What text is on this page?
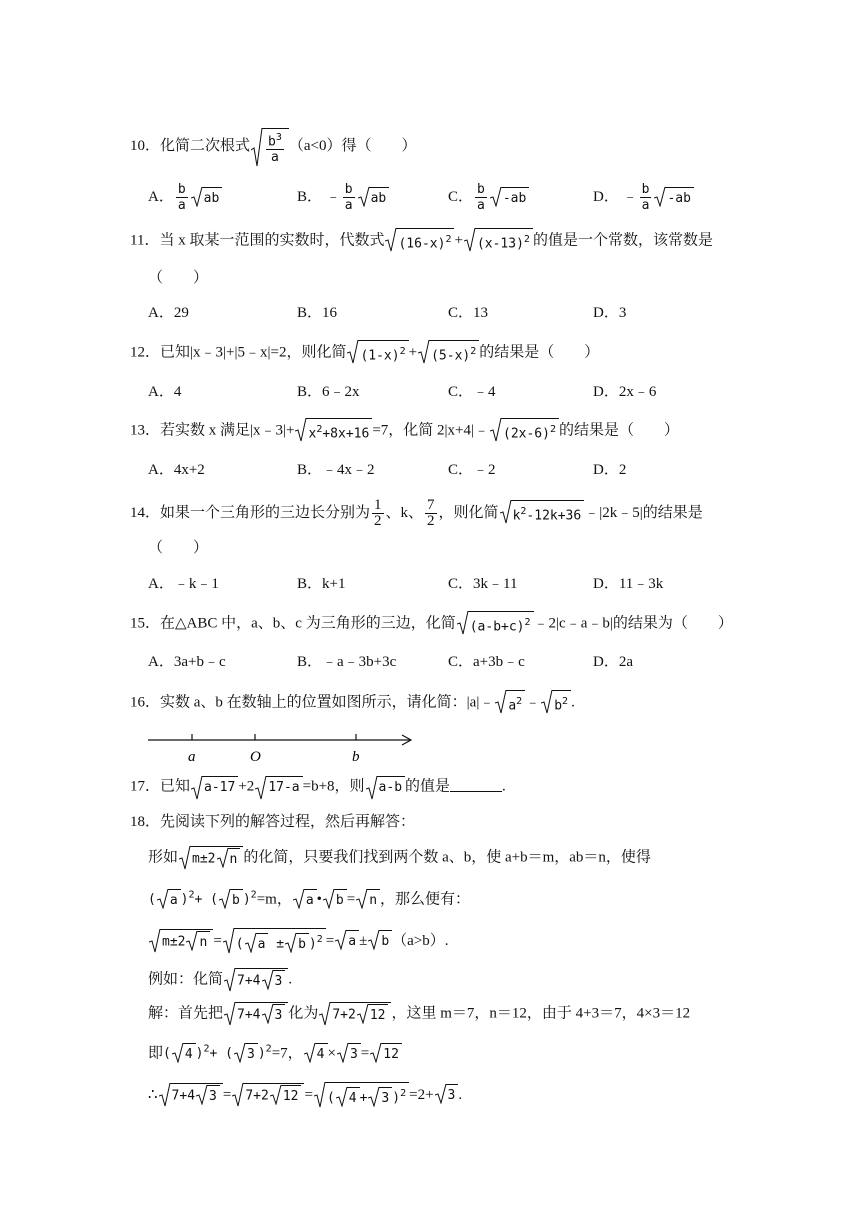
10．化简二次根式 $\frac{b^3}{a} (a<0)$得（　　）
A． $\frac{b}{a}$ ab	B． ﹣ $\frac{b}{a}$ ab	C． $\frac{b}{a} -ab$	D． ﹣ $\frac{b}{a} -ab$
11．当 x 取某一范围的实数时，代数式 $(16-x)^2 + (x-13)^2$ 的值是一个常数，该常数是
（　　）
A．29	B．16	C．13	D．3
12．已知|x﹣3|+|5﹣x|=2，则化简 $(1-x)^2 + (5-x)^2$ 的结果是（　　）
A．4	B．6﹣2x	C．﹣4	D．2x﹣6
13．若实数 x 满足|x﹣3|+ $x^2+8x+16 =7$，化简 2|x+4|﹣ $(2x-6)^2$ 的结果是（　　）
A．4x+2	B．﹣4x﹣2	C．﹣2	D．2
14．如果一个三角形的三边长分别为 $\frac{1}{2}$ 、k、 $\frac{7}{2}$ ，则化简 $k^2-12k+36$ ﹣|2k﹣5|的结果是
（　　）
A．﹣k﹣1	B．k+1	C．3k﹣11	D．11﹣3k
15．在△ABC 中，a、b、c 为三角形的三边，化简 $(a-b+c)^2$ ﹣2|c﹣a﹣b|的结果为（　　）
A．3a+b﹣c	B．﹣a﹣3b+3c	C．a+3b﹣c	D．2a
16．实数 a、b 在数轴上的位置如图所示，请化简：|a|﹣ $a^2$ ﹣ $b^2$ .
a	O	b
17．已知 a-17 +2 17-a =b+8，则 a-b 的值是	.
18．先阅读下列的解答过程，然后再解答：
形如 m±2 n 的化简，只要我们找到两个数 a、b，使 a+b＝m，ab＝n，使得
( a )$^2$+ ( b )$^2$=m， a • b = n ，那么便有：
m±2 n = ( a ± b )$^2$ = a ± b （a>b）.
例如：化简 7+4 3 .
解：首先把 7+4 3 化为 7+2 12 ，这里 m＝7，n＝12，由于 4+3＝7，4×3＝12
即( 4 )$^2$+ ( 3 )$^2$=7， 4 × 3 = 12
∴ 7+4 3 = 7+2 12 = ( 4 + 3 )$^2$ =2+ 3 .
